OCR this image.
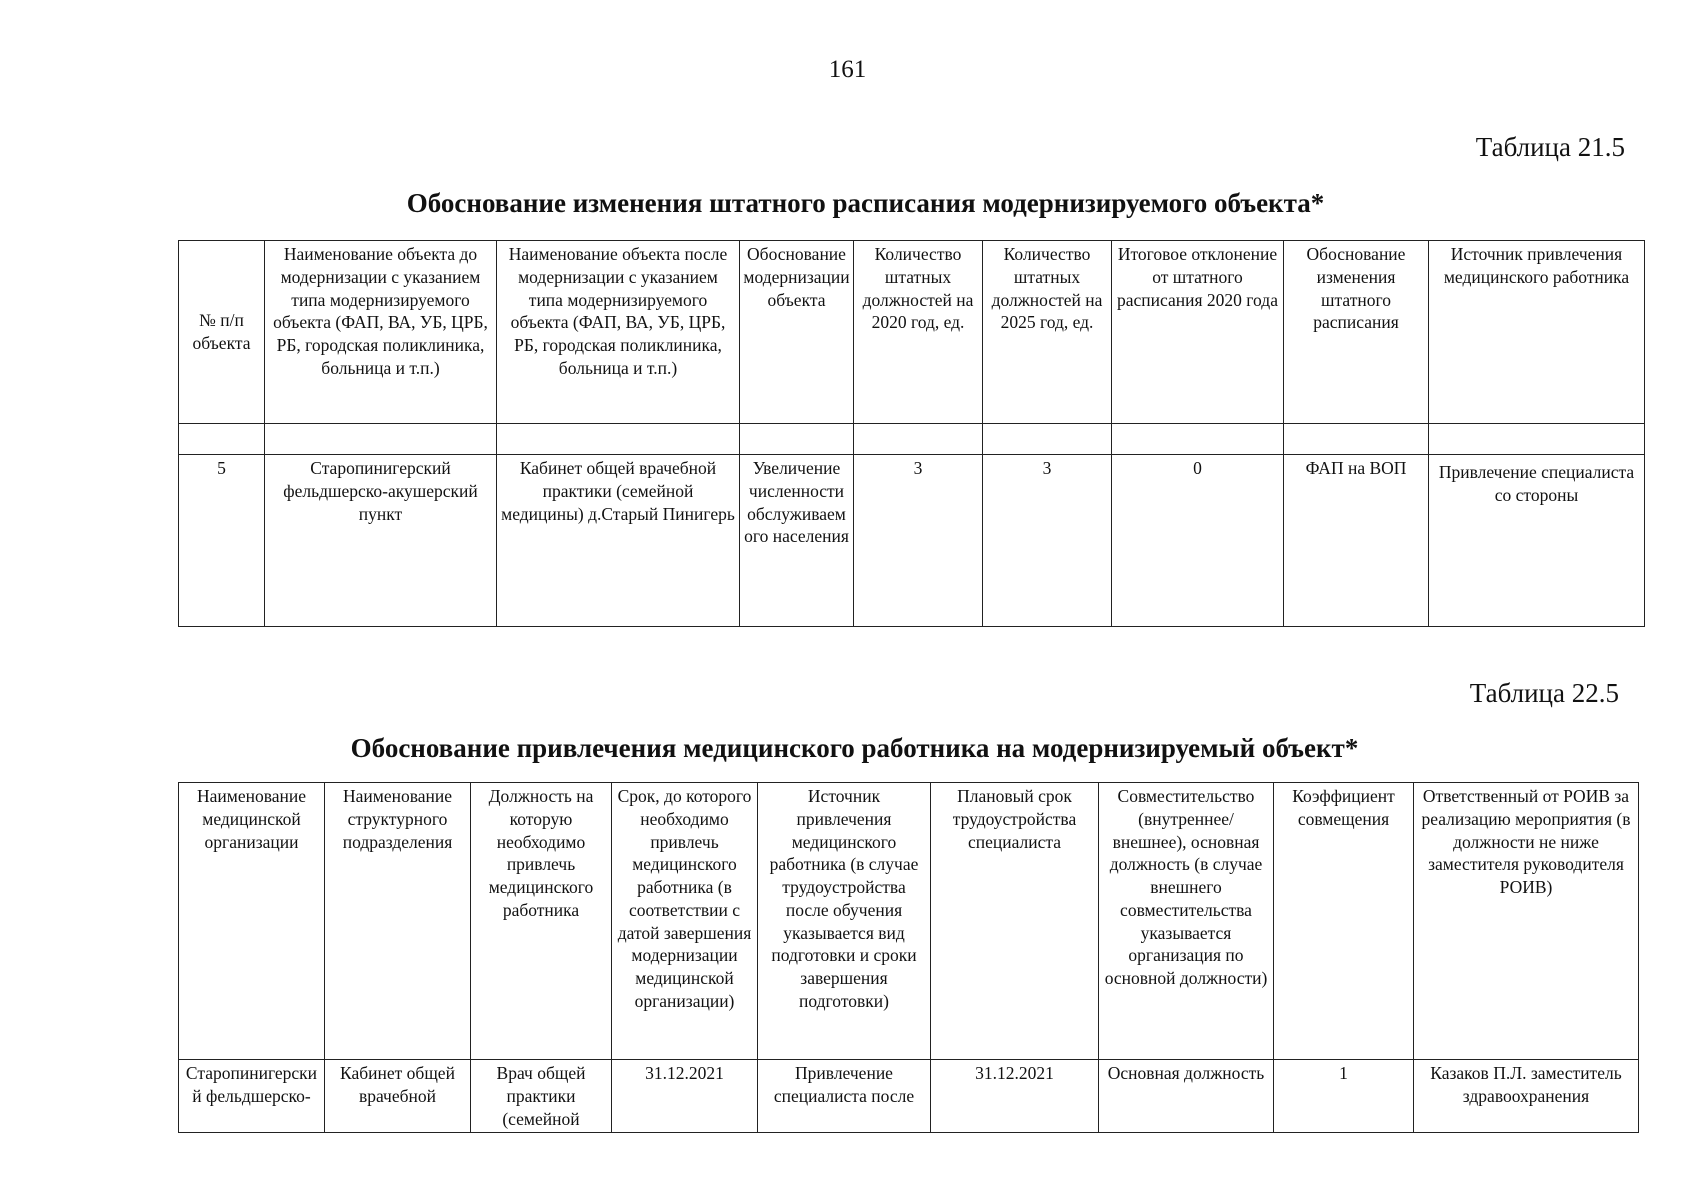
161
Таблица 21.5
Обоснование изменения штатного расписания модернизируемого объекта*
№ п/п объекта	Наименование объекта до модернизации с указанием типа модернизируемого объекта (ФАП, ВА, УБ, ЦРБ, РБ, городская поликлиника, больница и т.п.)	Наименование объекта после модернизации с указанием типа модернизируемого объекта (ФАП, ВА, УБ, ЦРБ, РБ, городская поликлиника, больница и т.п.)	Обоснование модернизации объекта	Количество штатных должностей на 2020 год, ед.	Количество штатных должностей на 2025 год, ед.	Итоговое отклонение от штатного расписания 2020 года	Обоснование изменения штатного расписания	Источник привлечения медицинского работника

5	Старопинигерский фельдшерско-акушерский пункт	Кабинет общей врачебной практики (семейной медицины) д.Старый Пинигерь	Увеличение численности обслуживаемого населения	3	3	0	ФАП на ВОП	Привлечение специалиста со стороны
Таблица 22.5
Обоснование привлечения медицинского работника на модернизируемый объект*
Наименование медицинской организации	Наименование структурного подразделения	Должность на которую необходимо привлечь медицинского работника	Срок, до которого необходимо привлечь медицинского работника (в соответствии с датой завершения модернизации медицинской организации)	Источник привлечения медицинского работника (в случае трудоустройства после обучения указывается вид подготовки и сроки завершения подготовки)	Плановый срок трудоустройства специалиста	Совместительство (внутреннее/внешнее), основная должность (в случае внешнего совместительства указывается организация по основной должности)	Коэффициент совмещения	Ответственный от РОИВ за реализацию мероприятия (в должности не ниже заместителя руководителя РОИВ)
Старопинигерский фельдшерско-	Кабинет общей врачебной	Врач общей практики (семейной	31.12.2021	Привлечение специалиста после	31.12.2021	Основная должность	1	Казаков П.Л. заместитель здравоохранения
